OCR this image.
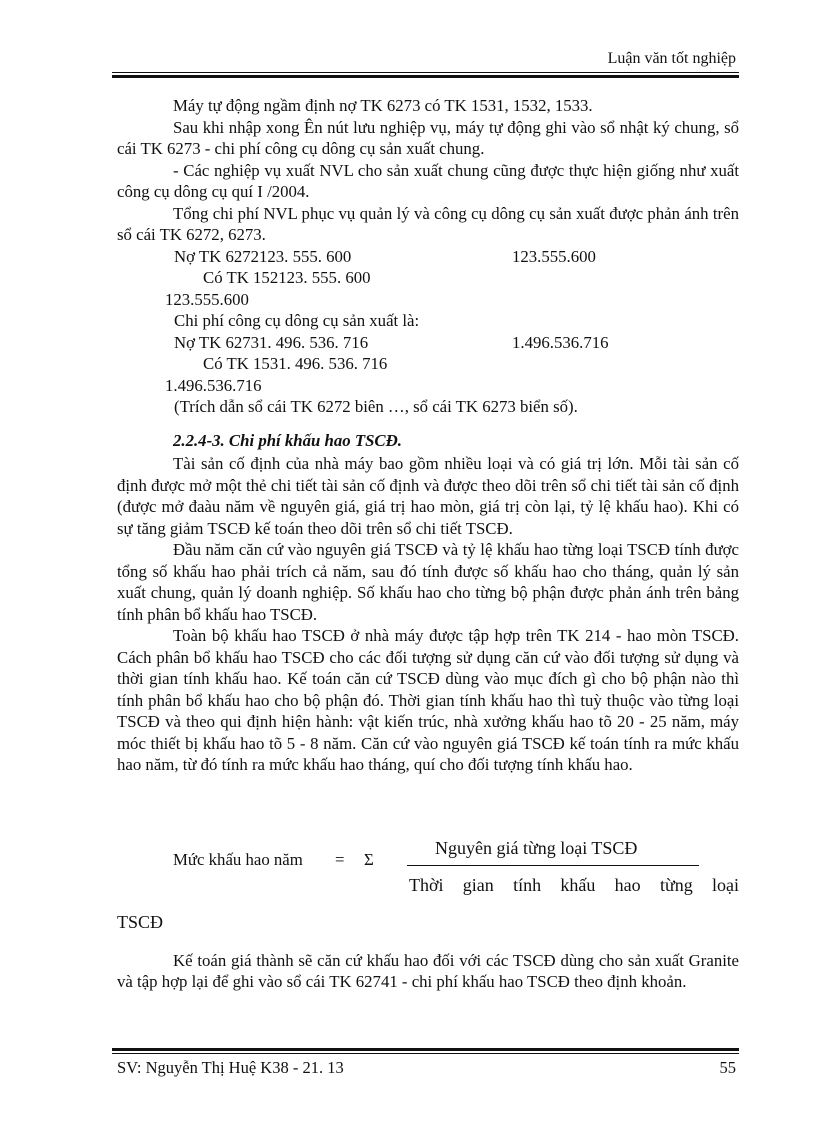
Luận văn tốt nghiệp

Máy tự động ngầm định nợ TK 6273 có TK 1531, 1532, 1533.

Sau khi nhập xong Ên nút lưu nghiệp vụ, máy tự động ghi vào sổ nhật ký chung, sổ cái TK 6273 - chi phí công cụ dông cụ sản xuất chung.

- Các nghiệp vụ xuất NVL cho sản xuất chung cũng được thực hiện giống như xuất công cụ dông cụ quí I /2004.

Tổng chi phí NVL phục vụ quản lý và công cụ dông cụ sản xuất được phản ánh trên sổ cái TK 6272, 6273.

Nợ TK 6272123. 555. 600	123.555.600

Có TK 152123. 555. 600

123.555.600

Chi phí công cụ dông cụ sản xuất là:

Nợ TK 62731. 496. 536. 716	1.496.536.716

Có TK 1531. 496. 536. 716

1.496.536.716

(Trích dẫn sổ cái TK 6272 biên …, sổ cái TK 6273 biển số).

2.2.4-3. Chi phí khấu hao TSCĐ.

Tài sản cố định của nhà máy bao gồm nhiều loại và có giá trị lớn. Mỗi tài sản cố định được mở một thẻ chi tiết tài sản cố định và được theo dõi trên sổ chi tiết tài sản cố định (được mở đaàu năm về nguyên giá, giá trị hao mòn, giá trị còn lại, tỷ lệ khấu hao). Khi có sự tăng giảm TSCĐ kế toán theo dõi trên sổ chi tiết TSCĐ.

Đầu năm căn cứ vào nguyên giá TSCĐ và tỷ lệ khấu hao từng loại TSCĐ tính được tổng số khấu hao phải trích cả năm, sau đó tính được số khấu hao cho tháng, quản lý sản xuất chung, quản lý doanh nghiệp. Số khấu hao cho từng bộ phận được phản ánh trên bảng tính phân bổ khấu hao TSCĐ.

Toàn bộ khấu hao TSCĐ ở nhà máy được tập hợp trên TK 214 - hao mòn TSCĐ. Cách phân bổ khấu hao TSCĐ cho các đối tượng sử dụng căn cứ vào đối tượng sử dụng và thời gian tính khấu hao. Kế toán căn cứ TSCĐ dùng vào mục đích gì cho bộ phận nào thì tính phân bổ khấu hao cho bộ phận đó. Thời gian tính khấu hao thì tuỳ thuộc vào từng loại TSCĐ và theo qui định hiện hành: vật kiến trúc, nhà xưởng khấu hao tõ 20 - 25 năm, máy móc thiết bị khấu hao tõ 5 - 8 năm. Căn cứ vào nguyên giá TSCĐ kế toán tính ra mức khấu hao năm, từ đó tính ra mức khấu hao tháng, quí cho đối tượng tính khấu hao.

Mức khấu hao năm = Σ
Nguyên giá từng loại TSCĐ
Thời gian tính khấu hao từng loại

TSCĐ

Kế toán giá thành sẽ căn cứ khấu hao đối với các TSCĐ dùng cho sản xuất Granite và tập hợp lại để ghi vào sổ cái TK 62741 - chi phí khấu hao TSCĐ theo định khoản.

SV: Nguyễn Thị Huệ K38 - 21. 13	55
